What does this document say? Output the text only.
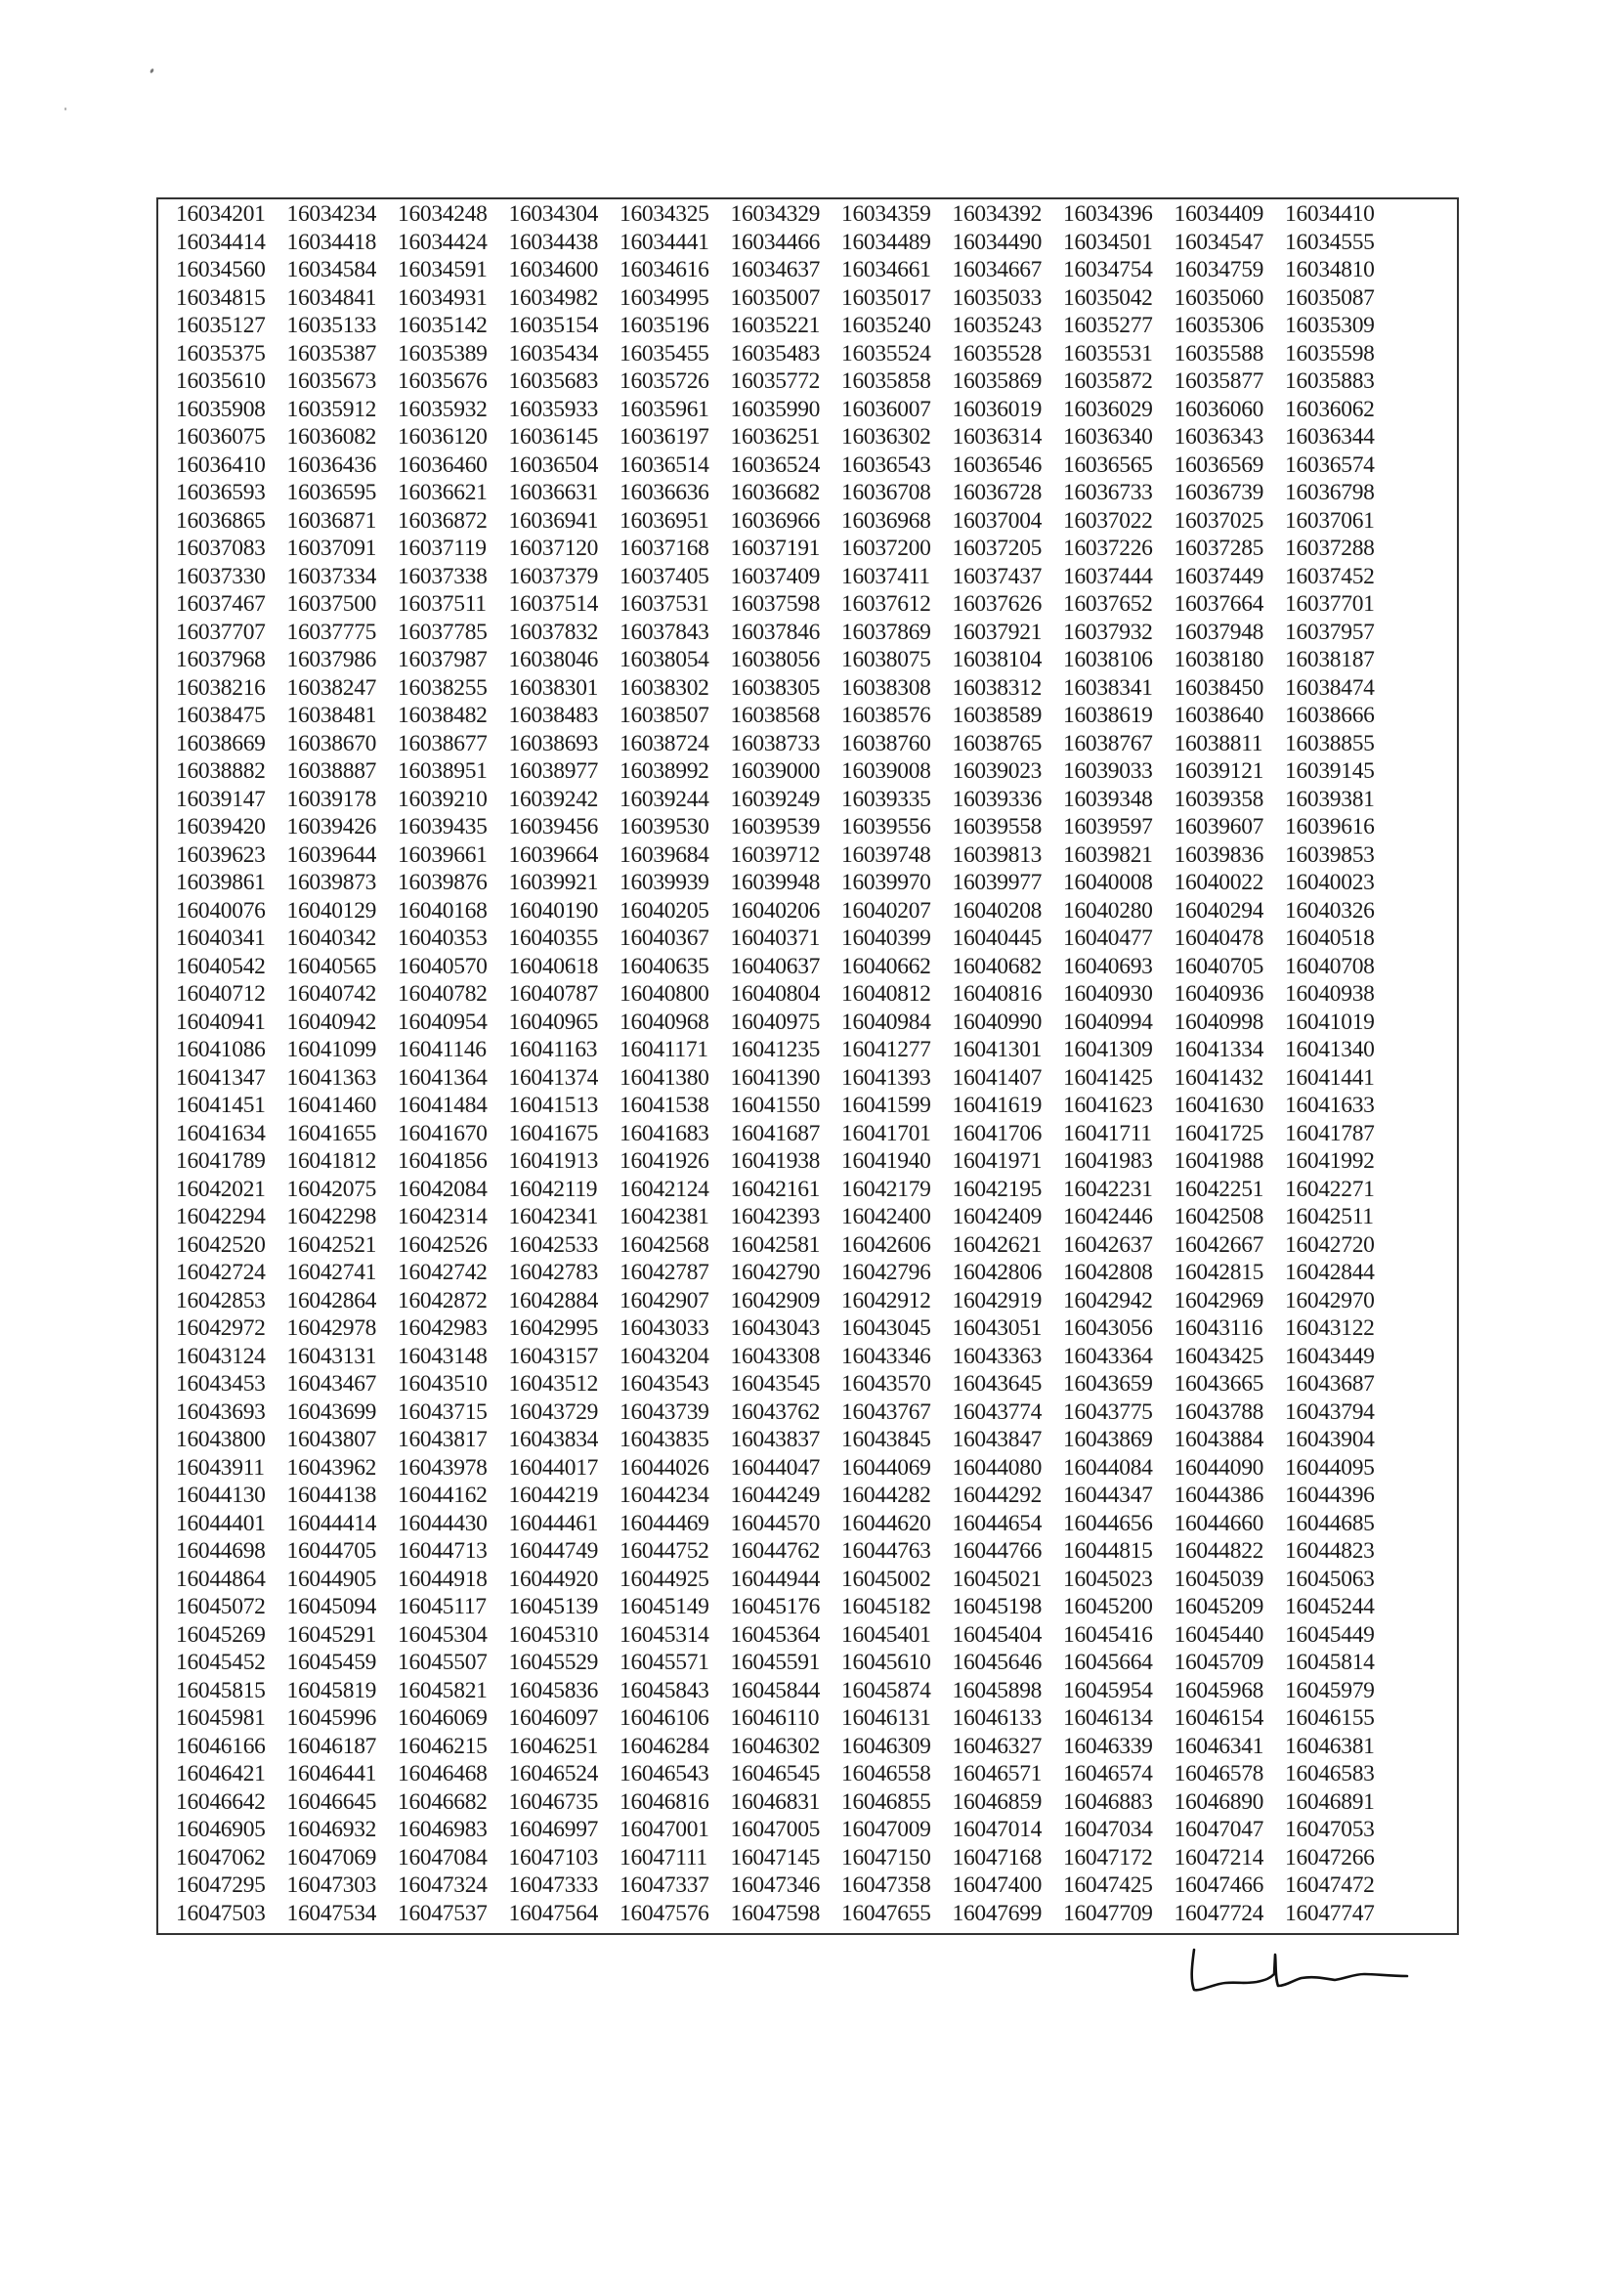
16034201	16034234	16034248	16034304	16034325	16034329	16034359	16034392	16034396	16034409	16034410
16034414	16034418	16034424	16034438	16034441	16034466	16034489	16034490	16034501	16034547	16034555
16034560	16034584	16034591	16034600	16034616	16034637	16034661	16034667	16034754	16034759	16034810
16034815	16034841	16034931	16034982	16034995	16035007	16035017	16035033	16035042	16035060	16035087
16035127	16035133	16035142	16035154	16035196	16035221	16035240	16035243	16035277	16035306	16035309
16035375	16035387	16035389	16035434	16035455	16035483	16035524	16035528	16035531	16035588	16035598
16035610	16035673	16035676	16035683	16035726	16035772	16035858	16035869	16035872	16035877	16035883
16035908	16035912	16035932	16035933	16035961	16035990	16036007	16036019	16036029	16036060	16036062
16036075	16036082	16036120	16036145	16036197	16036251	16036302	16036314	16036340	16036343	16036344
16036410	16036436	16036460	16036504	16036514	16036524	16036543	16036546	16036565	16036569	16036574
16036593	16036595	16036621	16036631	16036636	16036682	16036708	16036728	16036733	16036739	16036798
16036865	16036871	16036872	16036941	16036951	16036966	16036968	16037004	16037022	16037025	16037061
16037083	16037091	16037119	16037120	16037168	16037191	16037200	16037205	16037226	16037285	16037288
16037330	16037334	16037338	16037379	16037405	16037409	16037411	16037437	16037444	16037449	16037452
16037467	16037500	16037511	16037514	16037531	16037598	16037612	16037626	16037652	16037664	16037701
16037707	16037775	16037785	16037832	16037843	16037846	16037869	16037921	16037932	16037948	16037957
16037968	16037986	16037987	16038046	16038054	16038056	16038075	16038104	16038106	16038180	16038187
16038216	16038247	16038255	16038301	16038302	16038305	16038308	16038312	16038341	16038450	16038474
16038475	16038481	16038482	16038483	16038507	16038568	16038576	16038589	16038619	16038640	16038666
16038669	16038670	16038677	16038693	16038724	16038733	16038760	16038765	16038767	16038811	16038855
16038882	16038887	16038951	16038977	16038992	16039000	16039008	16039023	16039033	16039121	16039145
16039147	16039178	16039210	16039242	16039244	16039249	16039335	16039336	16039348	16039358	16039381
16039420	16039426	16039435	16039456	16039530	16039539	16039556	16039558	16039597	16039607	16039616
16039623	16039644	16039661	16039664	16039684	16039712	16039748	16039813	16039821	16039836	16039853
16039861	16039873	16039876	16039921	16039939	16039948	16039970	16039977	16040008	16040022	16040023
16040076	16040129	16040168	16040190	16040205	16040206	16040207	16040208	16040280	16040294	16040326
16040341	16040342	16040353	16040355	16040367	16040371	16040399	16040445	16040477	16040478	16040518
16040542	16040565	16040570	16040618	16040635	16040637	16040662	16040682	16040693	16040705	16040708
16040712	16040742	16040782	16040787	16040800	16040804	16040812	16040816	16040930	16040936	16040938
16040941	16040942	16040954	16040965	16040968	16040975	16040984	16040990	16040994	16040998	16041019
16041086	16041099	16041146	16041163	16041171	16041235	16041277	16041301	16041309	16041334	16041340
16041347	16041363	16041364	16041374	16041380	16041390	16041393	16041407	16041425	16041432	16041441
16041451	16041460	16041484	16041513	16041538	16041550	16041599	16041619	16041623	16041630	16041633
16041634	16041655	16041670	16041675	16041683	16041687	16041701	16041706	16041711	16041725	16041787
16041789	16041812	16041856	16041913	16041926	16041938	16041940	16041971	16041983	16041988	16041992
16042021	16042075	16042084	16042119	16042124	16042161	16042179	16042195	16042231	16042251	16042271
16042294	16042298	16042314	16042341	16042381	16042393	16042400	16042409	16042446	16042508	16042511
16042520	16042521	16042526	16042533	16042568	16042581	16042606	16042621	16042637	16042667	16042720
16042724	16042741	16042742	16042783	16042787	16042790	16042796	16042806	16042808	16042815	16042844
16042853	16042864	16042872	16042884	16042907	16042909	16042912	16042919	16042942	16042969	16042970
16042972	16042978	16042983	16042995	16043033	16043043	16043045	16043051	16043056	16043116	16043122
16043124	16043131	16043148	16043157	16043204	16043308	16043346	16043363	16043364	16043425	16043449
16043453	16043467	16043510	16043512	16043543	16043545	16043570	16043645	16043659	16043665	16043687
16043693	16043699	16043715	16043729	16043739	16043762	16043767	16043774	16043775	16043788	16043794
16043800	16043807	16043817	16043834	16043835	16043837	16043845	16043847	16043869	16043884	16043904
16043911	16043962	16043978	16044017	16044026	16044047	16044069	16044080	16044084	16044090	16044095
16044130	16044138	16044162	16044219	16044234	16044249	16044282	16044292	16044347	16044386	16044396
16044401	16044414	16044430	16044461	16044469	16044570	16044620	16044654	16044656	16044660	16044685
16044698	16044705	16044713	16044749	16044752	16044762	16044763	16044766	16044815	16044822	16044823
16044864	16044905	16044918	16044920	16044925	16044944	16045002	16045021	16045023	16045039	16045063
16045072	16045094	16045117	16045139	16045149	16045176	16045182	16045198	16045200	16045209	16045244
16045269	16045291	16045304	16045310	16045314	16045364	16045401	16045404	16045416	16045440	16045449
16045452	16045459	16045507	16045529	16045571	16045591	16045610	16045646	16045664	16045709	16045814
16045815	16045819	16045821	16045836	16045843	16045844	16045874	16045898	16045954	16045968	16045979
16045981	16045996	16046069	16046097	16046106	16046110	16046131	16046133	16046134	16046154	16046155
16046166	16046187	16046215	16046251	16046284	16046302	16046309	16046327	16046339	16046341	16046381
16046421	16046441	16046468	16046524	16046543	16046545	16046558	16046571	16046574	16046578	16046583
16046642	16046645	16046682	16046735	16046816	16046831	16046855	16046859	16046883	16046890	16046891
16046905	16046932	16046983	16046997	16047001	16047005	16047009	16047014	16047034	16047047	16047053
16047062	16047069	16047084	16047103	16047111	16047145	16047150	16047168	16047172	16047214	16047266
16047295	16047303	16047324	16047333	16047337	16047346	16047358	16047400	16047425	16047466	16047472
16047503	16047534	16047537	16047564	16047576	16047598	16047655	16047699	16047709	16047724	16047747
